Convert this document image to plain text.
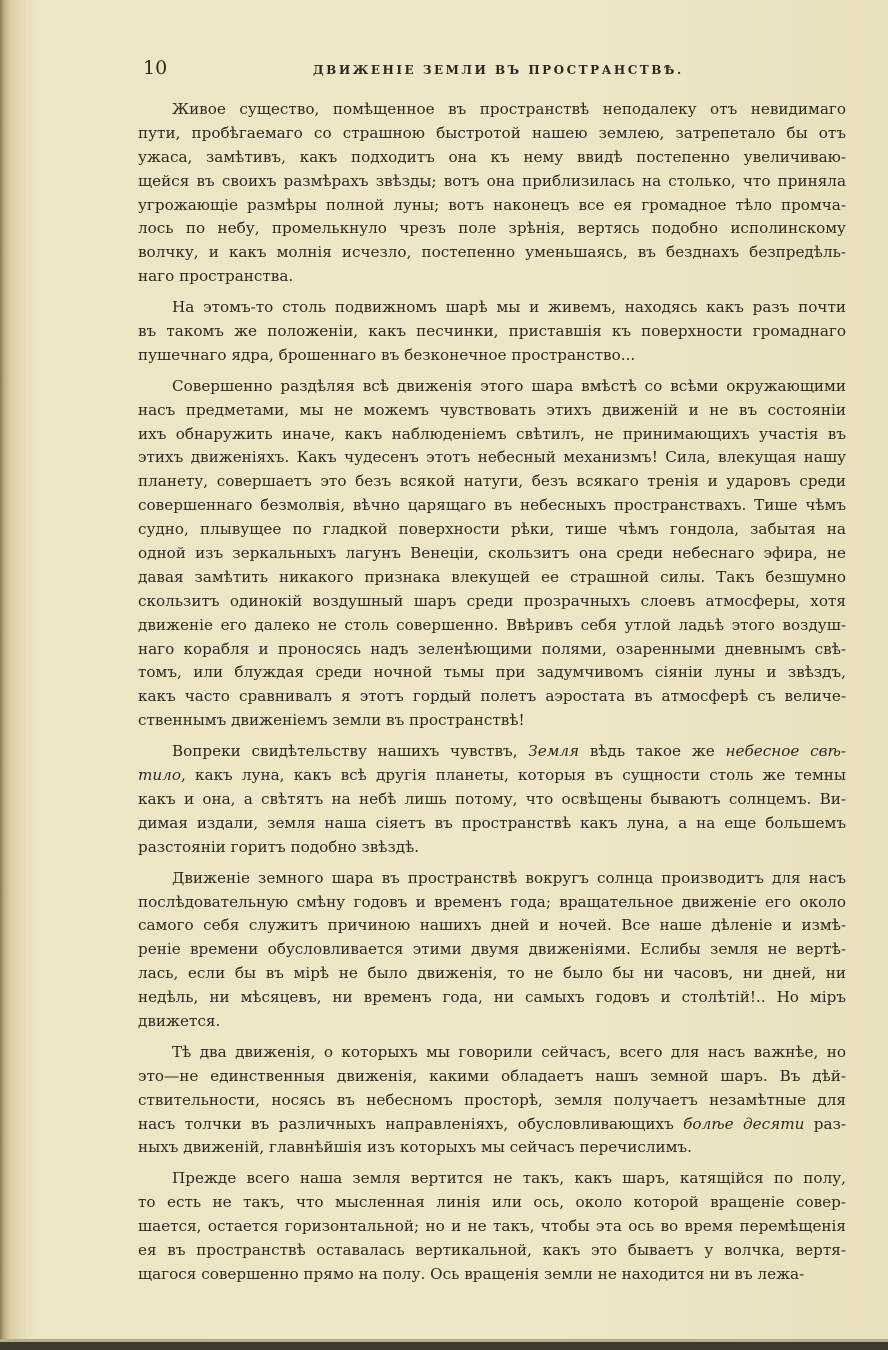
10	ДВИЖЕНІЕ ЗЕМЛИ ВЪ ПРОСТРАНСТВѢ.
Живое существо, помѣщенное въ пространствѣ неподалеку отъ невидимаго
пути, пробѣгаемаго со страшною быстротой нашею землею, затрепетало бы отъ
ужаса, замѣтивъ, какъ подходитъ она къ нему ввидѣ постепенно увеличиваю-
щейся въ своихъ размѣрахъ звѣзды; вотъ она приблизилась на столько, что приняла
угрожающіе размѣры полной луны; вотъ наконецъ все ея громадное тѣло промча-
лось по небу, промелькнуло чрезъ поле зрѣнія, вертясь подобно исполинскому
волчку, и какъ молнія исчезло, постепенно уменьшаясь, въ безднахъ безпредѣль-
наго пространства.
На этомъ-то столь подвижномъ шарѣ мы и живемъ, находясь какъ разъ почти
въ такомъ же положеніи, какъ песчинки, приставшія къ поверхности громаднаго
пушечнаго ядра, брошеннаго въ безконечное пространство...
Совершенно раздѣляя всѣ движенія этого шара вмѣстѣ со всѣми окружающими
насъ предметами, мы не можемъ чувствовать этихъ движеній и не въ состояніи
ихъ обнаружить иначе, какъ наблюденіемъ свѣтилъ, не принимающихъ участія въ
этихъ движеніяхъ. Какъ чудесенъ этотъ небесный механизмъ! Сила, влекущая нашу
планету, совершаетъ это безъ всякой натуги, безъ всякаго тренія и ударовъ среди
совершеннаго безмолвія, вѣчно царящаго въ небесныхъ пространствахъ. Тише чѣмъ
судно, плывущее по гладкой поверхности рѣки, тише чѣмъ гондола, забытая на
одной изъ зеркальныхъ лагунъ Венеціи, скользитъ она среди небеснаго эфира, не
давая замѣтить никакого признака влекущей ее страшной силы. Такъ безшумно
скользитъ одинокій воздушный шаръ среди прозрачныхъ слоевъ атмосферы, хотя
движеніе его далеко не столь совершенно. Ввѣривъ себя утлой ладьѣ этого воздуш-
наго корабля и проносясь надъ зеленѣющими полями, озаренными дневнымъ свѣ-
томъ, или блуждая среди ночной тьмы при задумчивомъ сіяніи луны и звѣздъ,
какъ часто сравнивалъ я этотъ гордый полетъ аэростата въ атмосферѣ съ величе-
ственнымъ движеніемъ земли въ пространствѣ!
Вопреки свидѣтельству нашихъ чувствъ, Земля вѣдь такое же небесное свѣ-
тило, какъ луна, какъ всѣ другія планеты, которыя въ сущности столь же темны
какъ и она, а свѣтятъ на небѣ лишь потому, что освѣщены бываютъ солнцемъ. Ви-
димая издали, земля наша сіяетъ въ пространствѣ какъ луна, а на еще большемъ
разстояніи горитъ подобно звѣздѣ.
Движеніе земного шара въ пространствѣ вокругъ солнца производитъ для насъ
послѣдовательную смѣну годовъ и временъ года; вращательное движеніе его около
самого себя служитъ причиною нашихъ дней и ночей. Все наше дѣленіе и измѣ-
реніе времени обусловливается этими двумя движеніями. Еслибы земля не вертѣ-
лась, если бы въ мірѣ не было движенія, то не было бы ни часовъ, ни дней, ни
недѣль, ни мѣсяцевъ, ни временъ года, ни самыхъ годовъ и столѣтій!.. Но міръ
движется.
Тѣ два движенія, о которыхъ мы говорили сейчасъ, всего для насъ важнѣе, но
это—не единственныя движенія, какими обладаетъ нашъ земной шаръ. Въ дѣй-
ствительности, носясь въ небесномъ просторѣ, земля получаетъ незамѣтные для
насъ толчки въ различныхъ направленіяхъ, обусловливающихъ болѣе десяти раз-
ныхъ движеній, главнѣйшія изъ которыхъ мы сейчасъ перечислимъ.
Прежде всего наша земля вертится не такъ, какъ шаръ, катящійся по полу,
то есть не такъ, что мысленная линія или ось, около которой вращеніе совер-
шается, остается горизонтальной; но и не такъ, чтобы эта ось во время перемѣщенія
ея въ пространствѣ оставалась вертикальной, какъ это бываетъ у волчка, вертя-
щагося совершенно прямо на полу. Ось вращенія земли не находится ни въ лежа-
